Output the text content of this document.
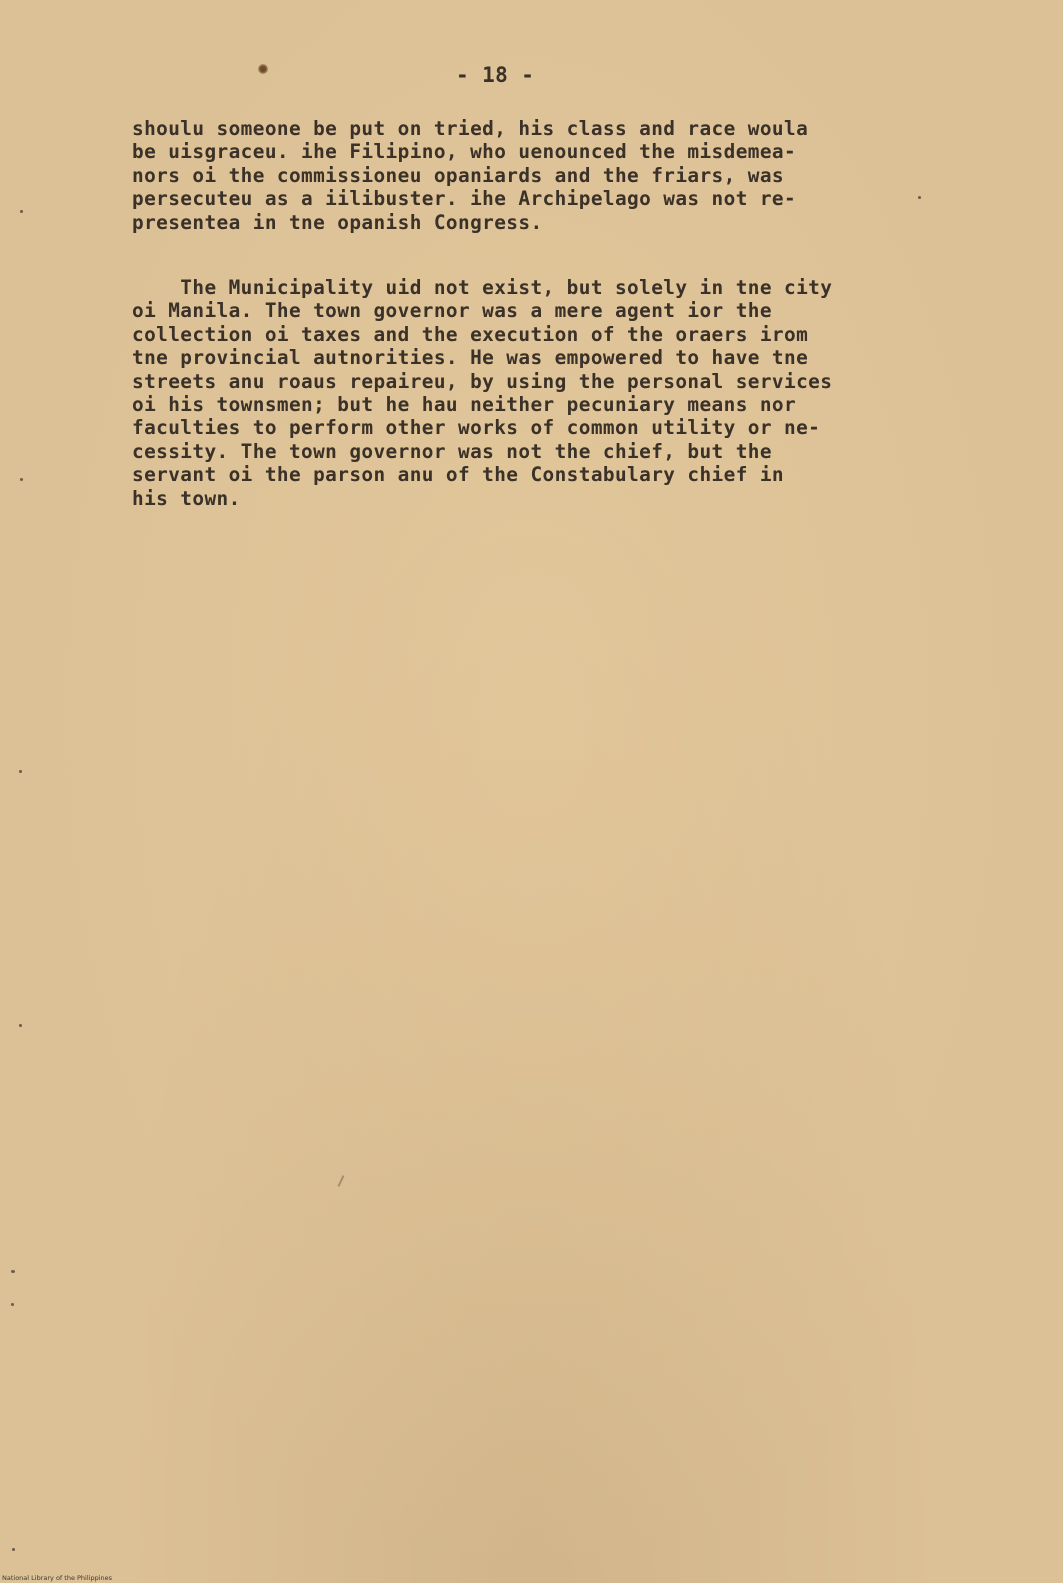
- 18 -
shoulu someone be put on tried, his class and race woula
be uisgraceu. ihe Filipino, who uenounced the misdemea-
nors oi the commissioneu opaniards and the friars, was
persecuteu as a iilibuster. ihe Archipelago was not re-
presentea in tne opanish Congress.
The Municipality uid not exist, but solely in tne city
oi Manila. The town governor was a mere agent ior the
collection oi taxes and the execution of the oraers irom
tne provincial autnorities. He was empowered to have tne
streets anu roaus repaireu, by using the personal services
oi his townsmen; but he hau neither pecuniary means nor
faculties to perform other works of common utility or ne-
cessity. The town governor was not the chief, but the
servant oi the parson anu of the Constabulary chief in
his town.
National Library of the Philippines
